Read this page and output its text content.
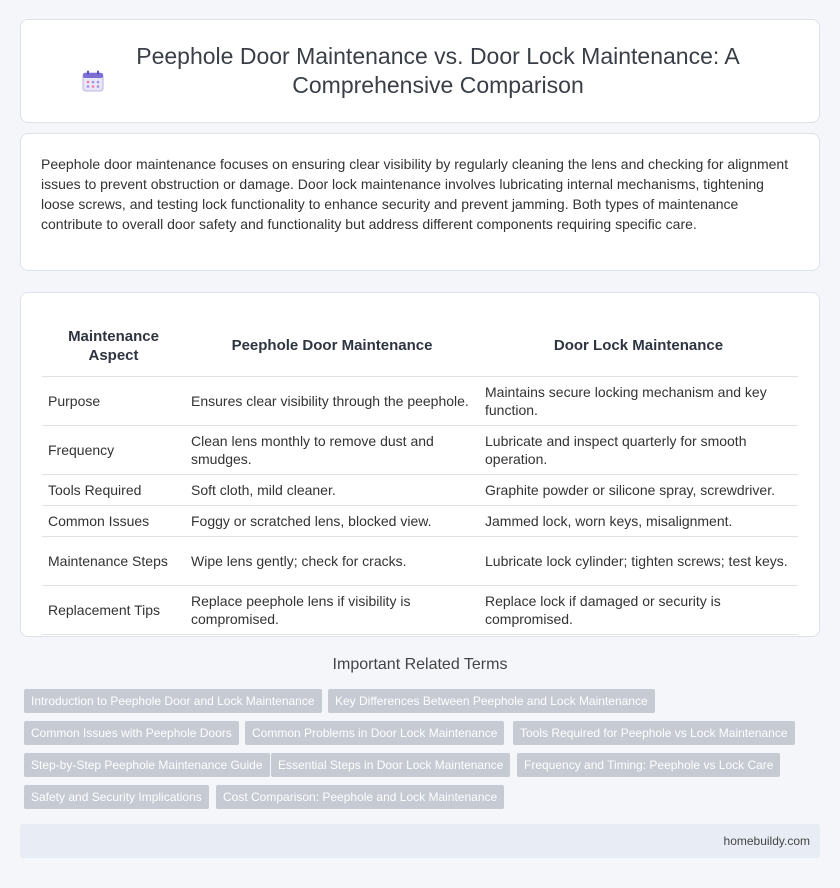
Peephole Door Maintenance vs. Door Lock Maintenance: A Comprehensive Comparison

Peephole door maintenance focuses on ensuring clear visibility by regularly cleaning the lens and checking for alignment issues to prevent obstruction or damage. Door lock maintenance involves lubricating internal mechanisms, tightening loose screws, and testing lock functionality to enhance security and prevent jamming. Both types of maintenance contribute to overall door safety and functionality but address different components requiring specific care.

Maintenance Aspect	Peephole Door Maintenance	Door Lock Maintenance
Purpose	Ensures clear visibility through the peephole.	Maintains secure locking mechanism and key function.
Frequency	Clean lens monthly to remove dust and smudges.	Lubricate and inspect quarterly for smooth operation.
Tools Required	Soft cloth, mild cleaner.	Graphite powder or silicone spray, screwdriver.
Common Issues	Foggy or scratched lens, blocked view.	Jammed lock, worn keys, misalignment.
Maintenance Steps	Wipe lens gently; check for cracks.	Lubricate lock cylinder; tighten screws; test keys.
Replacement Tips	Replace peephole lens if visibility is compromised.	Replace lock if damaged or security is compromised.
Important Related Terms
Introduction to Peephole Door and Lock Maintenance	Key Differences Between Peephole and Lock Maintenance
Common Issues with Peephole Doors	Common Problems in Door Lock Maintenance	Tools Required for Peephole vs Lock Maintenance
Step-by-Step Peephole Maintenance Guide	Essential Steps in Door Lock Maintenance	Frequency and Timing: Peephole vs Lock Care
Safety and Security Implications	Cost Comparison: Peephole and Lock Maintenance
homebuildy.com
